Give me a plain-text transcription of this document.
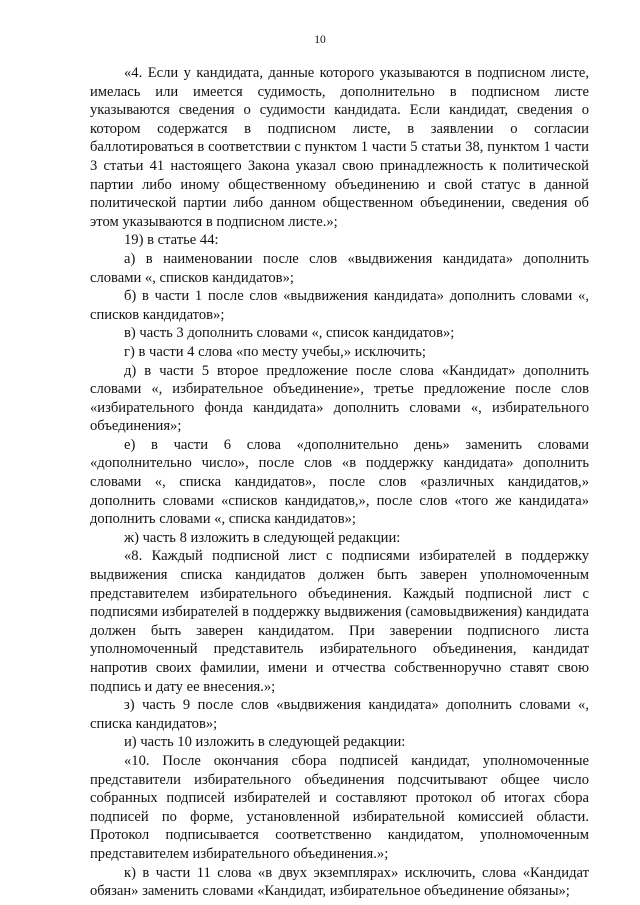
10

«4. Если у кандидата, данные которого указываются в подписном листе, имелась или имеется судимость, дополнительно в подписном листе указываются сведения о судимости кандидата. Если кандидат, сведения о котором содержатся в подписном листе, в заявлении о согласии баллотироваться в соответствии с пунктом 1 части 5 статьи 38, пунктом 1 части 3 статьи 41 настоящего Закона указал свою принадлежность к политической партии либо иному общественному объединению и свой статус в данной политической партии либо данном общественном объединении, сведения об этом указываются в подписном листе.»;

19) в статье 44:

а) в наименовании после слов «выдвижения кандидата» дополнить словами «, списков кандидатов»;

б) в части 1 после слов «выдвижения кандидата» дополнить словами «, списков кандидатов»;

в) часть 3 дополнить словами «, список кандидатов»;

г) в части 4 слова «по месту учебы,» исключить;

д) в части 5 второе предложение после слова «Кандидат» дополнить словами «, избирательное объединение», третье предложение после слов «избирательного фонда кандидата» дополнить словами «, избирательного объединения»;

е) в части 6 слова «дополнительно день» заменить словами «дополнительно число», после слов «в поддержку кандидата» дополнить словами «, списка кандидатов», после слов «различных кандидатов,» дополнить словами «списков кандидатов,», после слов «того же кандидата» дополнить словами «, списка кандидатов»;

ж) часть 8 изложить в следующей редакции:

«8. Каждый подписной лист с подписями избирателей в поддержку выдвижения списка кандидатов должен быть заверен уполномоченным представителем избирательного объединения. Каждый подписной лист с подписями избирателей в поддержку выдвижения (самовыдвижения) кандидата должен быть заверен кандидатом. При заверении подписного листа уполномоченный представитель избирательного объединения, кандидат напротив своих фамилии, имени и отчества собственноручно ставят свою подпись и дату ее внесения.»;

з) часть 9 после слов «выдвижения кандидата» дополнить словами «, списка кандидатов»;

и) часть 10 изложить в следующей редакции:

«10. После окончания сбора подписей кандидат, уполномоченные представители избирательного объединения подсчитывают общее число собранных подписей избирателей и составляют протокол об итогах сбора подписей по форме, установленной избирательной комиссией области. Протокол подписывается соответственно кандидатом, уполномоченным представителем избирательного объединения.»;

к) в части 11 слова «в двух экземплярах» исключить, слова «Кандидат обязан» заменить словами «Кандидат, избирательное объединение обязаны»;
